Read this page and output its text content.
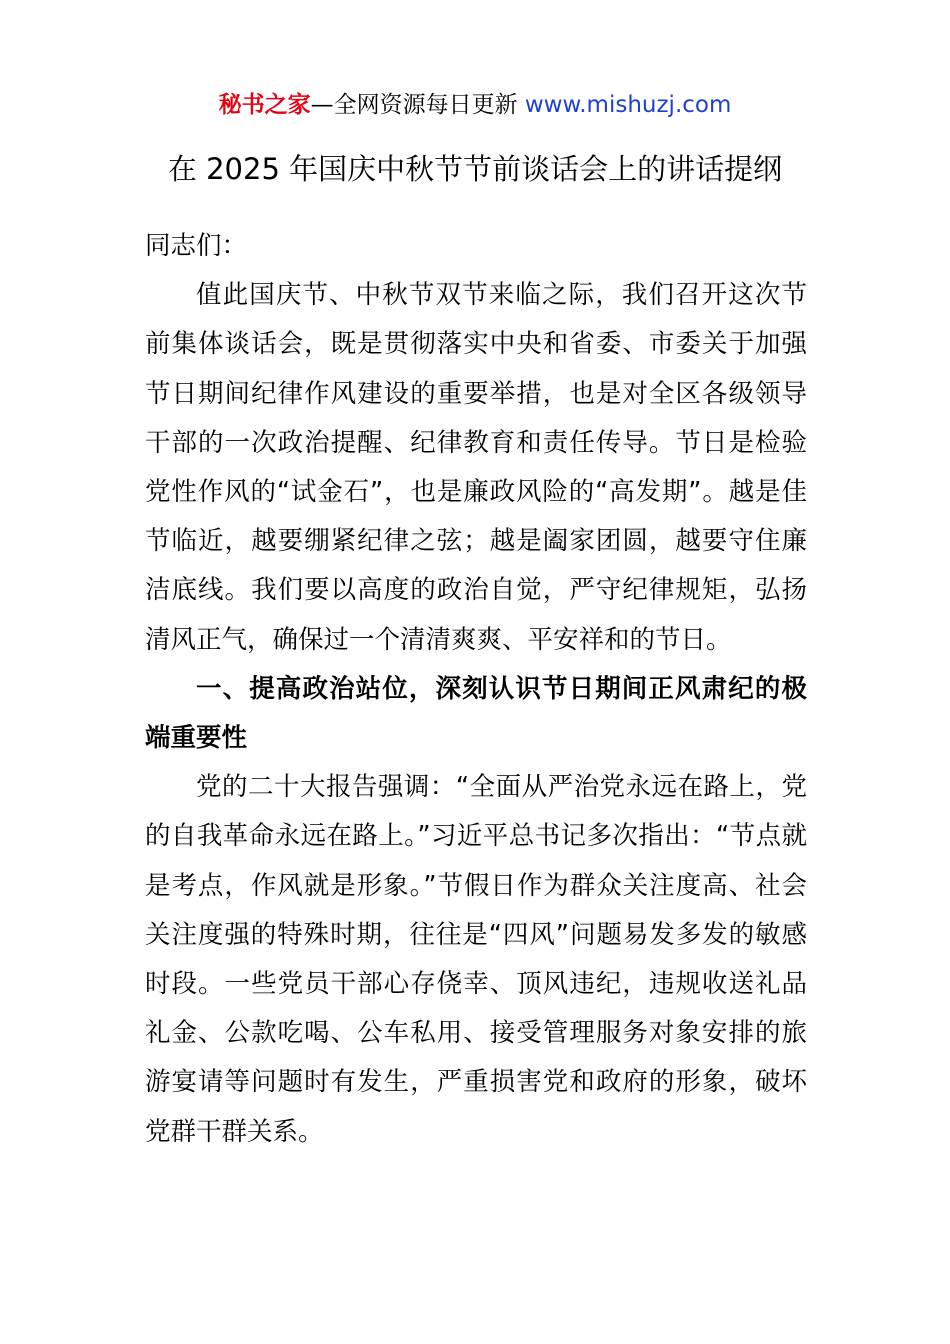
秘书之家—全网资源每日更新 www.mishuzj.com
在 2025 年国庆中秋节节前谈话会上的讲话提纲

同志们：

值此国庆节、中秋节双节来临之际，我们召开这次节前集体谈话会，既是贯彻落实中央和省委、市委关于加强节日期间纪律作风建设的重要举措，也是对全区各级领导干部的一次政治提醒、纪律教育和责任传导。节日是检验党性作风的“试金石”，也是廉政风险的“高发期”。越是佳节临近，越要绷紧纪律之弦；越是阖家团圆，越要守住廉洁底线。我们要以高度的政治自觉，严守纪律规矩，弘扬清风正气，确保过一个清清爽爽、平安祥和的节日。

一、提高政治站位，深刻认识节日期间正风肃纪的极端重要性

党的二十大报告强调：“全面从严治党永远在路上，党的自我革命永远在路上。”习近平总书记多次指出：“节点就是考点，作风就是形象。”节假日作为群众关注度高、社会关注度强的特殊时期，往往是“四风”问题易发多发的敏感时段。一些党员干部心存侥幸、顶风违纪，违规收送礼品礼金、公款吃喝、公车私用、接受管理服务对象安排的旅游宴请等问题时有发生，严重损害党和政府的形象，破坏党群干群关系。
